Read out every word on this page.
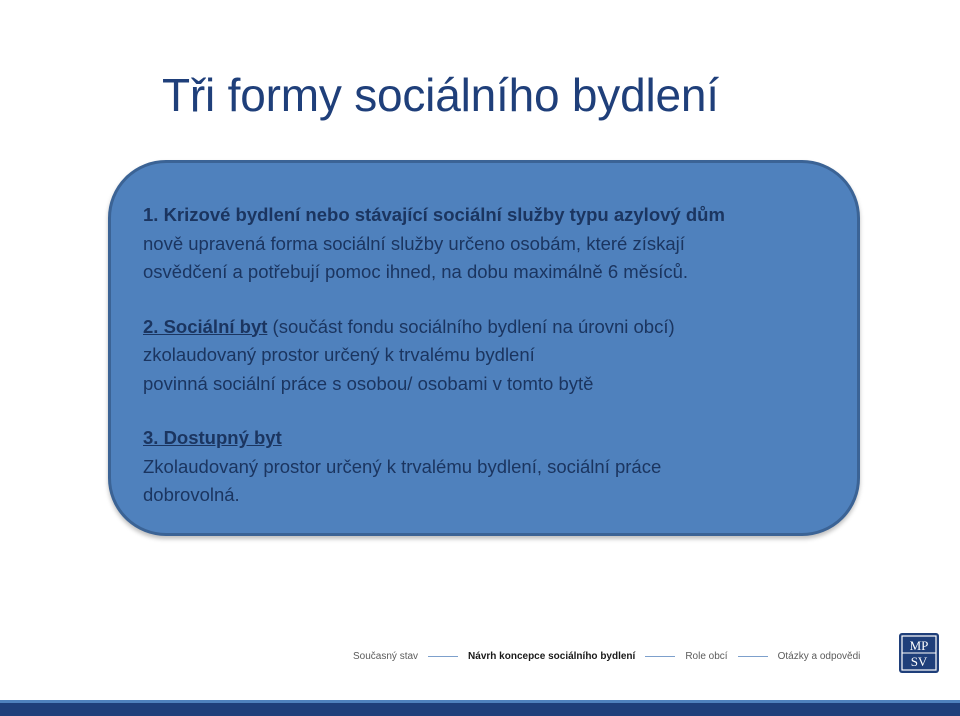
Tři formy sociálního bydlení

1. Krizové bydlení nebo stávající sociální služby typu azylový dům
nově upravená forma sociální služby určeno osobám, které získají
osvědčení a potřebují pomoc ihned, na dobu maximálně 6 měsíců.

2. Sociální byt (součást fondu sociálního bydlení na úrovni obcí)
zkolaudovaný prostor určený k trvalému bydlení
povinná sociální práce s osobou/ osobami v tomto bytě

3. Dostupný byt
Zkolaudovaný prostor určený k trvalému bydlení, sociální práce
dobrovolná.

Současný stav	Návrh koncepce sociálního bydlení	Role obcí	Otázky a odpovědi
MP
SV
